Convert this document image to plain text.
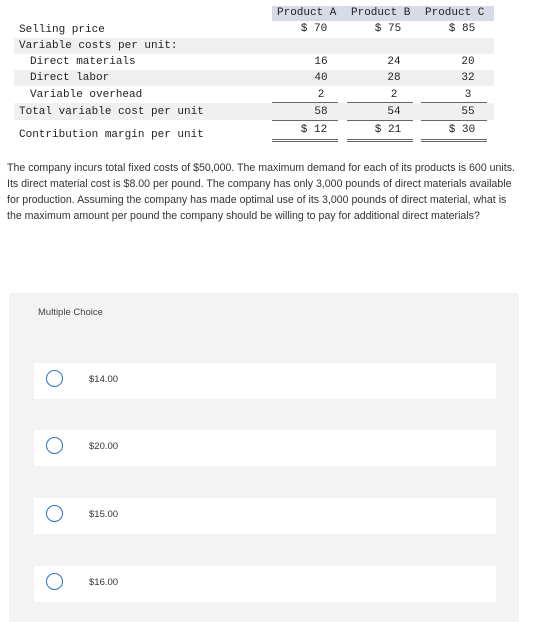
Product A Product B Product C
Selling price	$ 70	$ 75	$ 85
Variable costs per unit:
Direct materials	16	24	20
Direct labor	40	28	32
Variable overhead	2	2	3
Total variable cost per unit	58	54	55
Contribution margin per unit	$ 12	$ 21	$ 30
The company incurs total fixed costs of $50,000. The maximum demand for each of its products is 600 units. Its direct material cost is $8.00 per pound. The company has only 3,000 pounds of direct materials available for production. Assuming the company has made optimal use of its 3,000 pounds of direct material, what is the maximum amount per pound the company should be willing to pay for additional direct materials?
Multiple Choice
$14.00
$20.00
$15.00
$16.00
